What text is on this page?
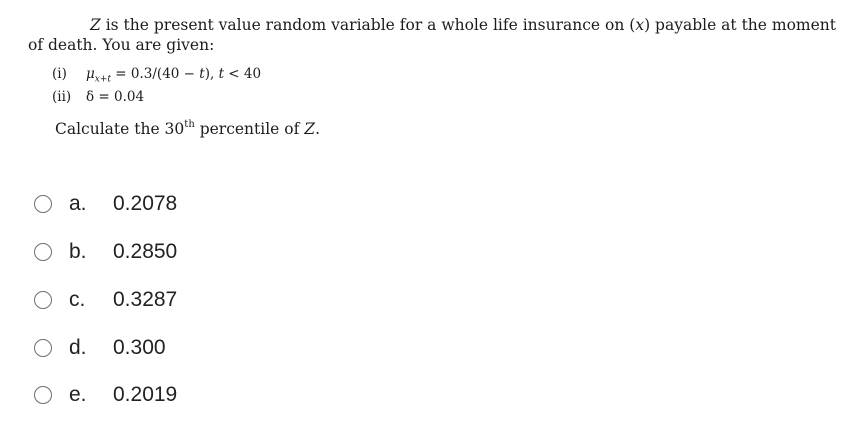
Z is the present value random variable for a whole life insurance on (x) payable at the moment
of death. You are given:
(i) $\mu_{x+t} = 0.3/(40 - t)$, t < 40
(ii) δ = 0.04
Calculate the 30th percentile of Z.
a.	0.2078
b.	0.2850
c.	0.3287
d.	0.300
e.	0.2019
